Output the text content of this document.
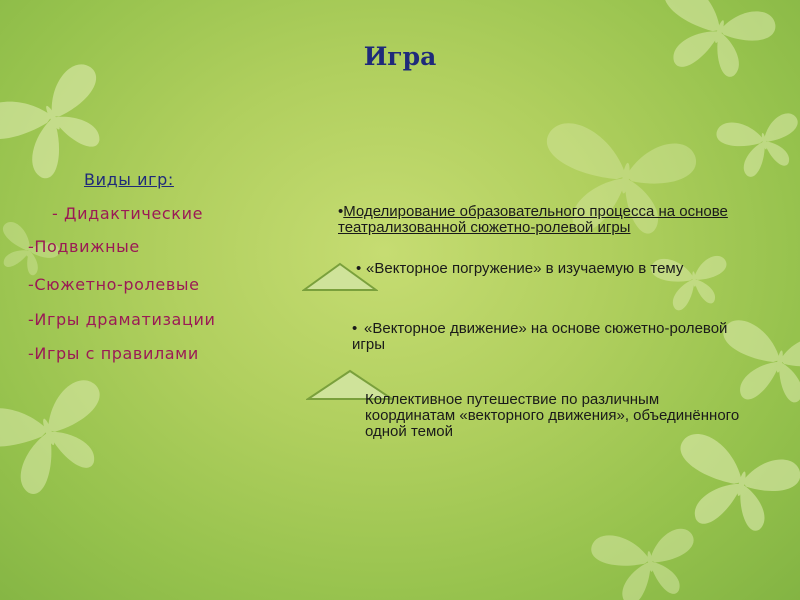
Игра
Виды игр:
- Дидактические
-Подвижные
-Сюжетно-ролевые
-Игры драматизации
-Игры с правилами
•Моделирование образовательного процесса на основе театрализованной сюжетно-ролевой игры
• «Векторное погружение» в изучаемую в тему
• «Векторное движение» на основе сюжетно-ролевой игры
Коллективное путешествие по различным координатам «векторного движения», объединённого одной темой
